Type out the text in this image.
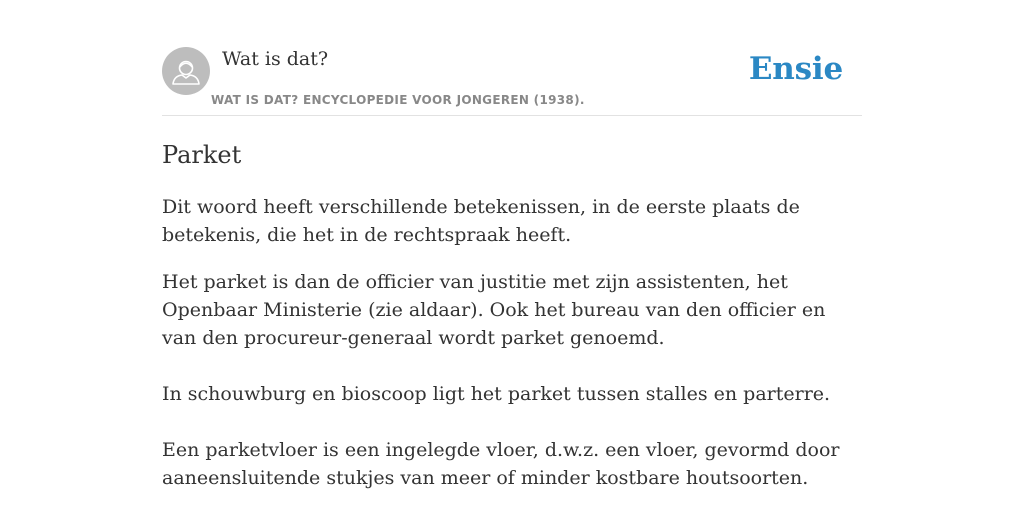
Wat is dat?
WAT IS DAT? ENCYCLOPEDIE VOOR JONGEREN (1938).
Ensie
Parket

Dit woord heeft verschillende betekenissen, in de eerste plaats de betekenis, die het in de rechtspraak heeft.

Het parket is dan de officier van justitie met zijn assistenten, het Openbaar Ministerie (zie aldaar). Ook het bureau van den officier en van den procureur-generaal wordt parket genoemd.

In schouwburg en bioscoop ligt het parket tussen stalles en parterre.

Een parketvloer is een ingelegde vloer, d.w.z. een vloer, gevormd door aaneensluitende stukjes van meer of minder kostbare houtsoorten.
